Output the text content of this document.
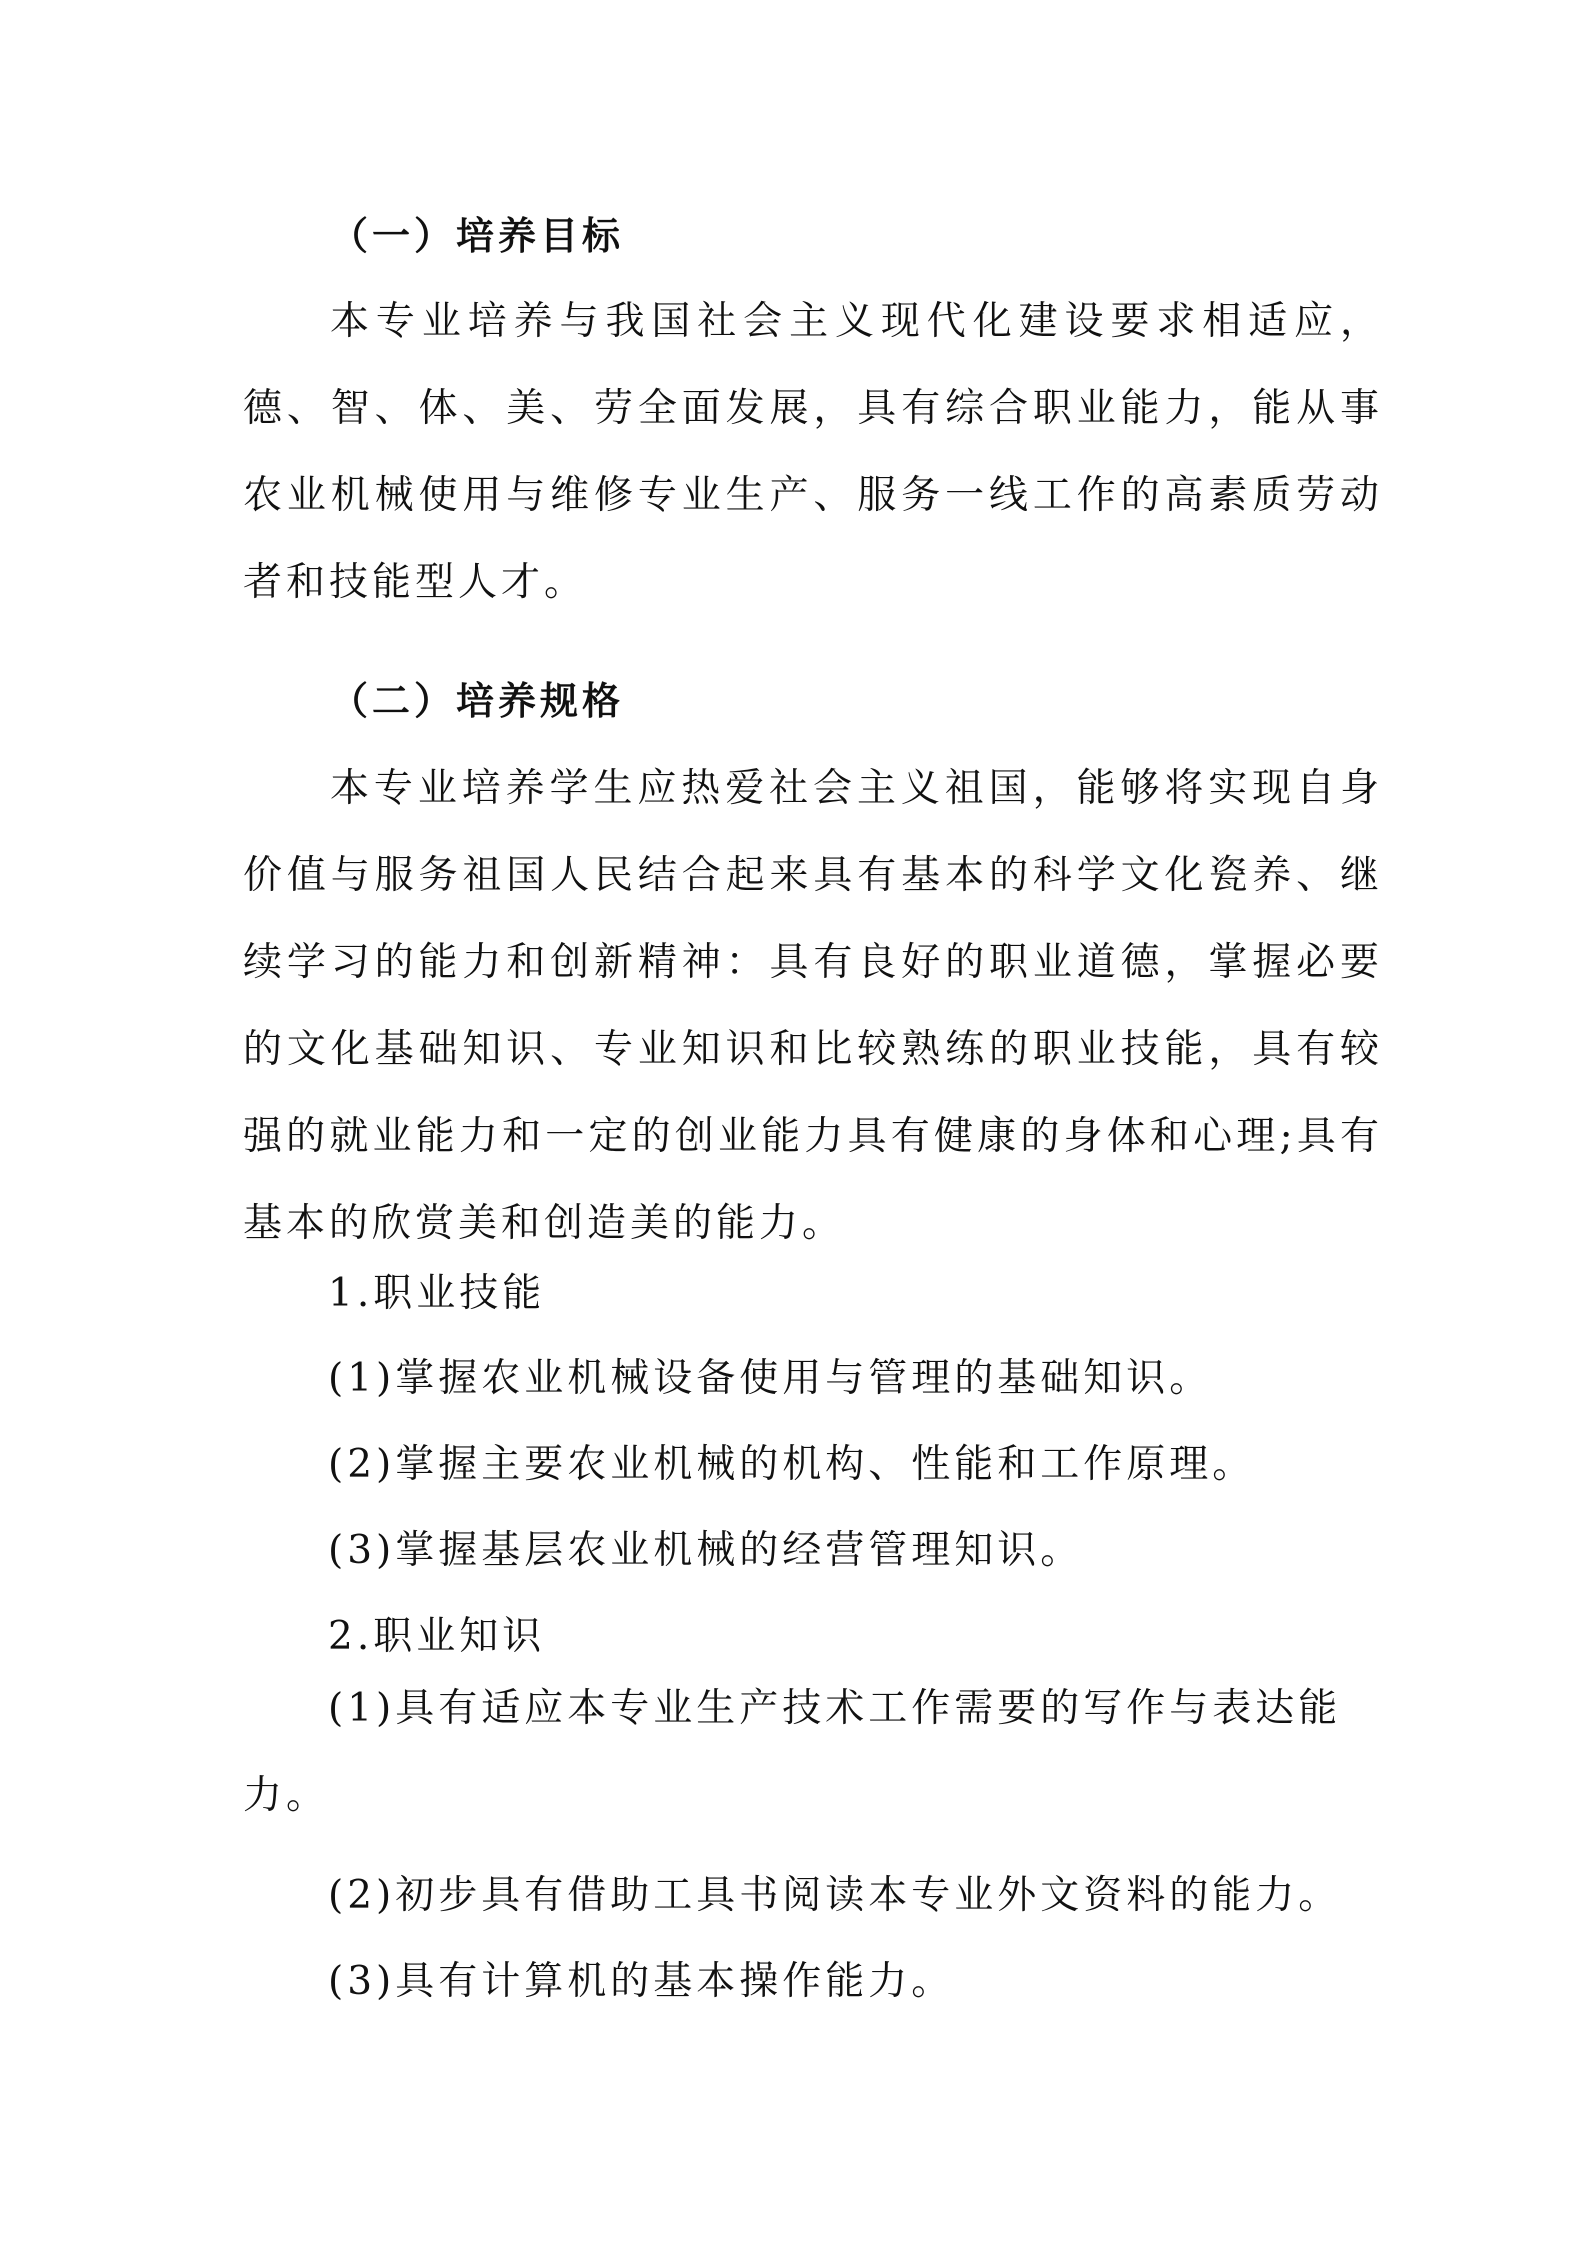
（一）培养目标

本专业培养与我国社会主义现代化建设要求相适应，德、智、体、美、劳全面发展，具有综合职业能力，能从事农业机械使用与维修专业生产、服务一线工作的高素质劳动者和技能型人才。

（二）培养规格

本专业培养学生应热爱社会主义祖国，能够将实现自身价值与服务祖国人民结合起来具有基本的科学文化瓷养、继续学习的能力和创新精神：具有良好的职业道德，掌握必要的文化基础知识、专业知识和比较熟练的职业技能，具有较强的就业能力和一定的创业能力具有健康的身体和心理;具有基本的欣赏美和创造美的能力。

1.职业技能
(1)掌握农业机械设备使用与管理的基础知识。
(2)掌握主要农业机械的机构、性能和工作原理。
(3)掌握基层农业机械的经营管理知识。
2.职业知识

(1)具有适应本专业生产技术工作需要的写作与表达能力。

(2)初步具有借助工具书阅读本专业外文资料的能力。
(3)具有计算机的基本操作能力。
